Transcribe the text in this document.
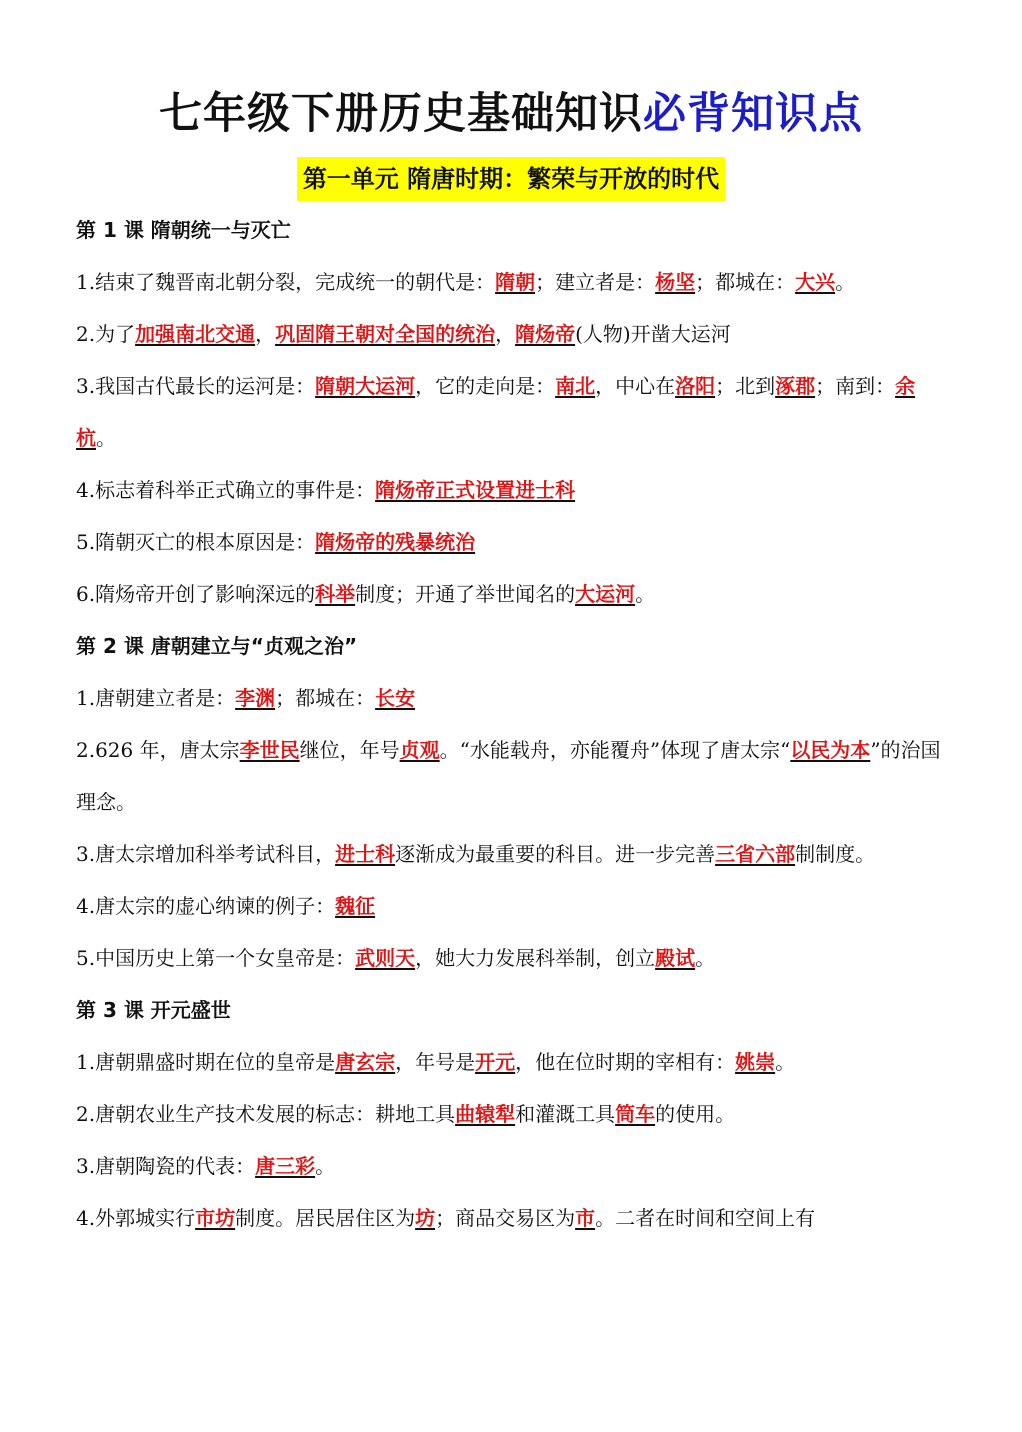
七年级下册历史基础知识必背知识点
第一单元 隋唐时期：繁荣与开放的时代
第 1 课 隋朝统一与灭亡
1.结束了魏晋南北朝分裂，完成统一的朝代是：隋朝；建立者是：杨坚；都城在：大兴。
2.为了加强南北交通，巩固隋王朝对全国的统治，隋炀帝(人物)开凿大运河
3.我国古代最长的运河是：隋朝大运河，它的走向是：南北，中心在洛阳；北到涿郡；南到：余杭。
4.标志着科举正式确立的事件是：隋炀帝正式设置进士科
5.隋朝灭亡的根本原因是：隋炀帝的残暴统治
6.隋炀帝开创了影响深远的科举制度；开通了举世闻名的大运河。
第 2 课 唐朝建立与“贞观之治”
1.唐朝建立者是：李渊；都城在：长安
2.626 年，唐太宗李世民继位，年号贞观。“水能载舟，亦能覆舟”体现了唐太宗“以民为本”的治国理念。
3.唐太宗增加科举考试科目，进士科逐渐成为最重要的科目。进一步完善三省六部制制度。
4.唐太宗的虚心纳谏的例子：魏征
5.中国历史上第一个女皇帝是：武则天，她大力发展科举制，创立殿试。
第 3 课 开元盛世
1.唐朝鼎盛时期在位的皇帝是唐玄宗，年号是开元，他在位时期的宰相有：姚崇。
2.唐朝农业生产技术发展的标志：耕地工具曲辕犁和灌溉工具筒车的使用。
3.唐朝陶瓷的代表：唐三彩。
4.外郭城实行市坊制度。居民居住区为坊；商品交易区为市。二者在时间和空间上有
